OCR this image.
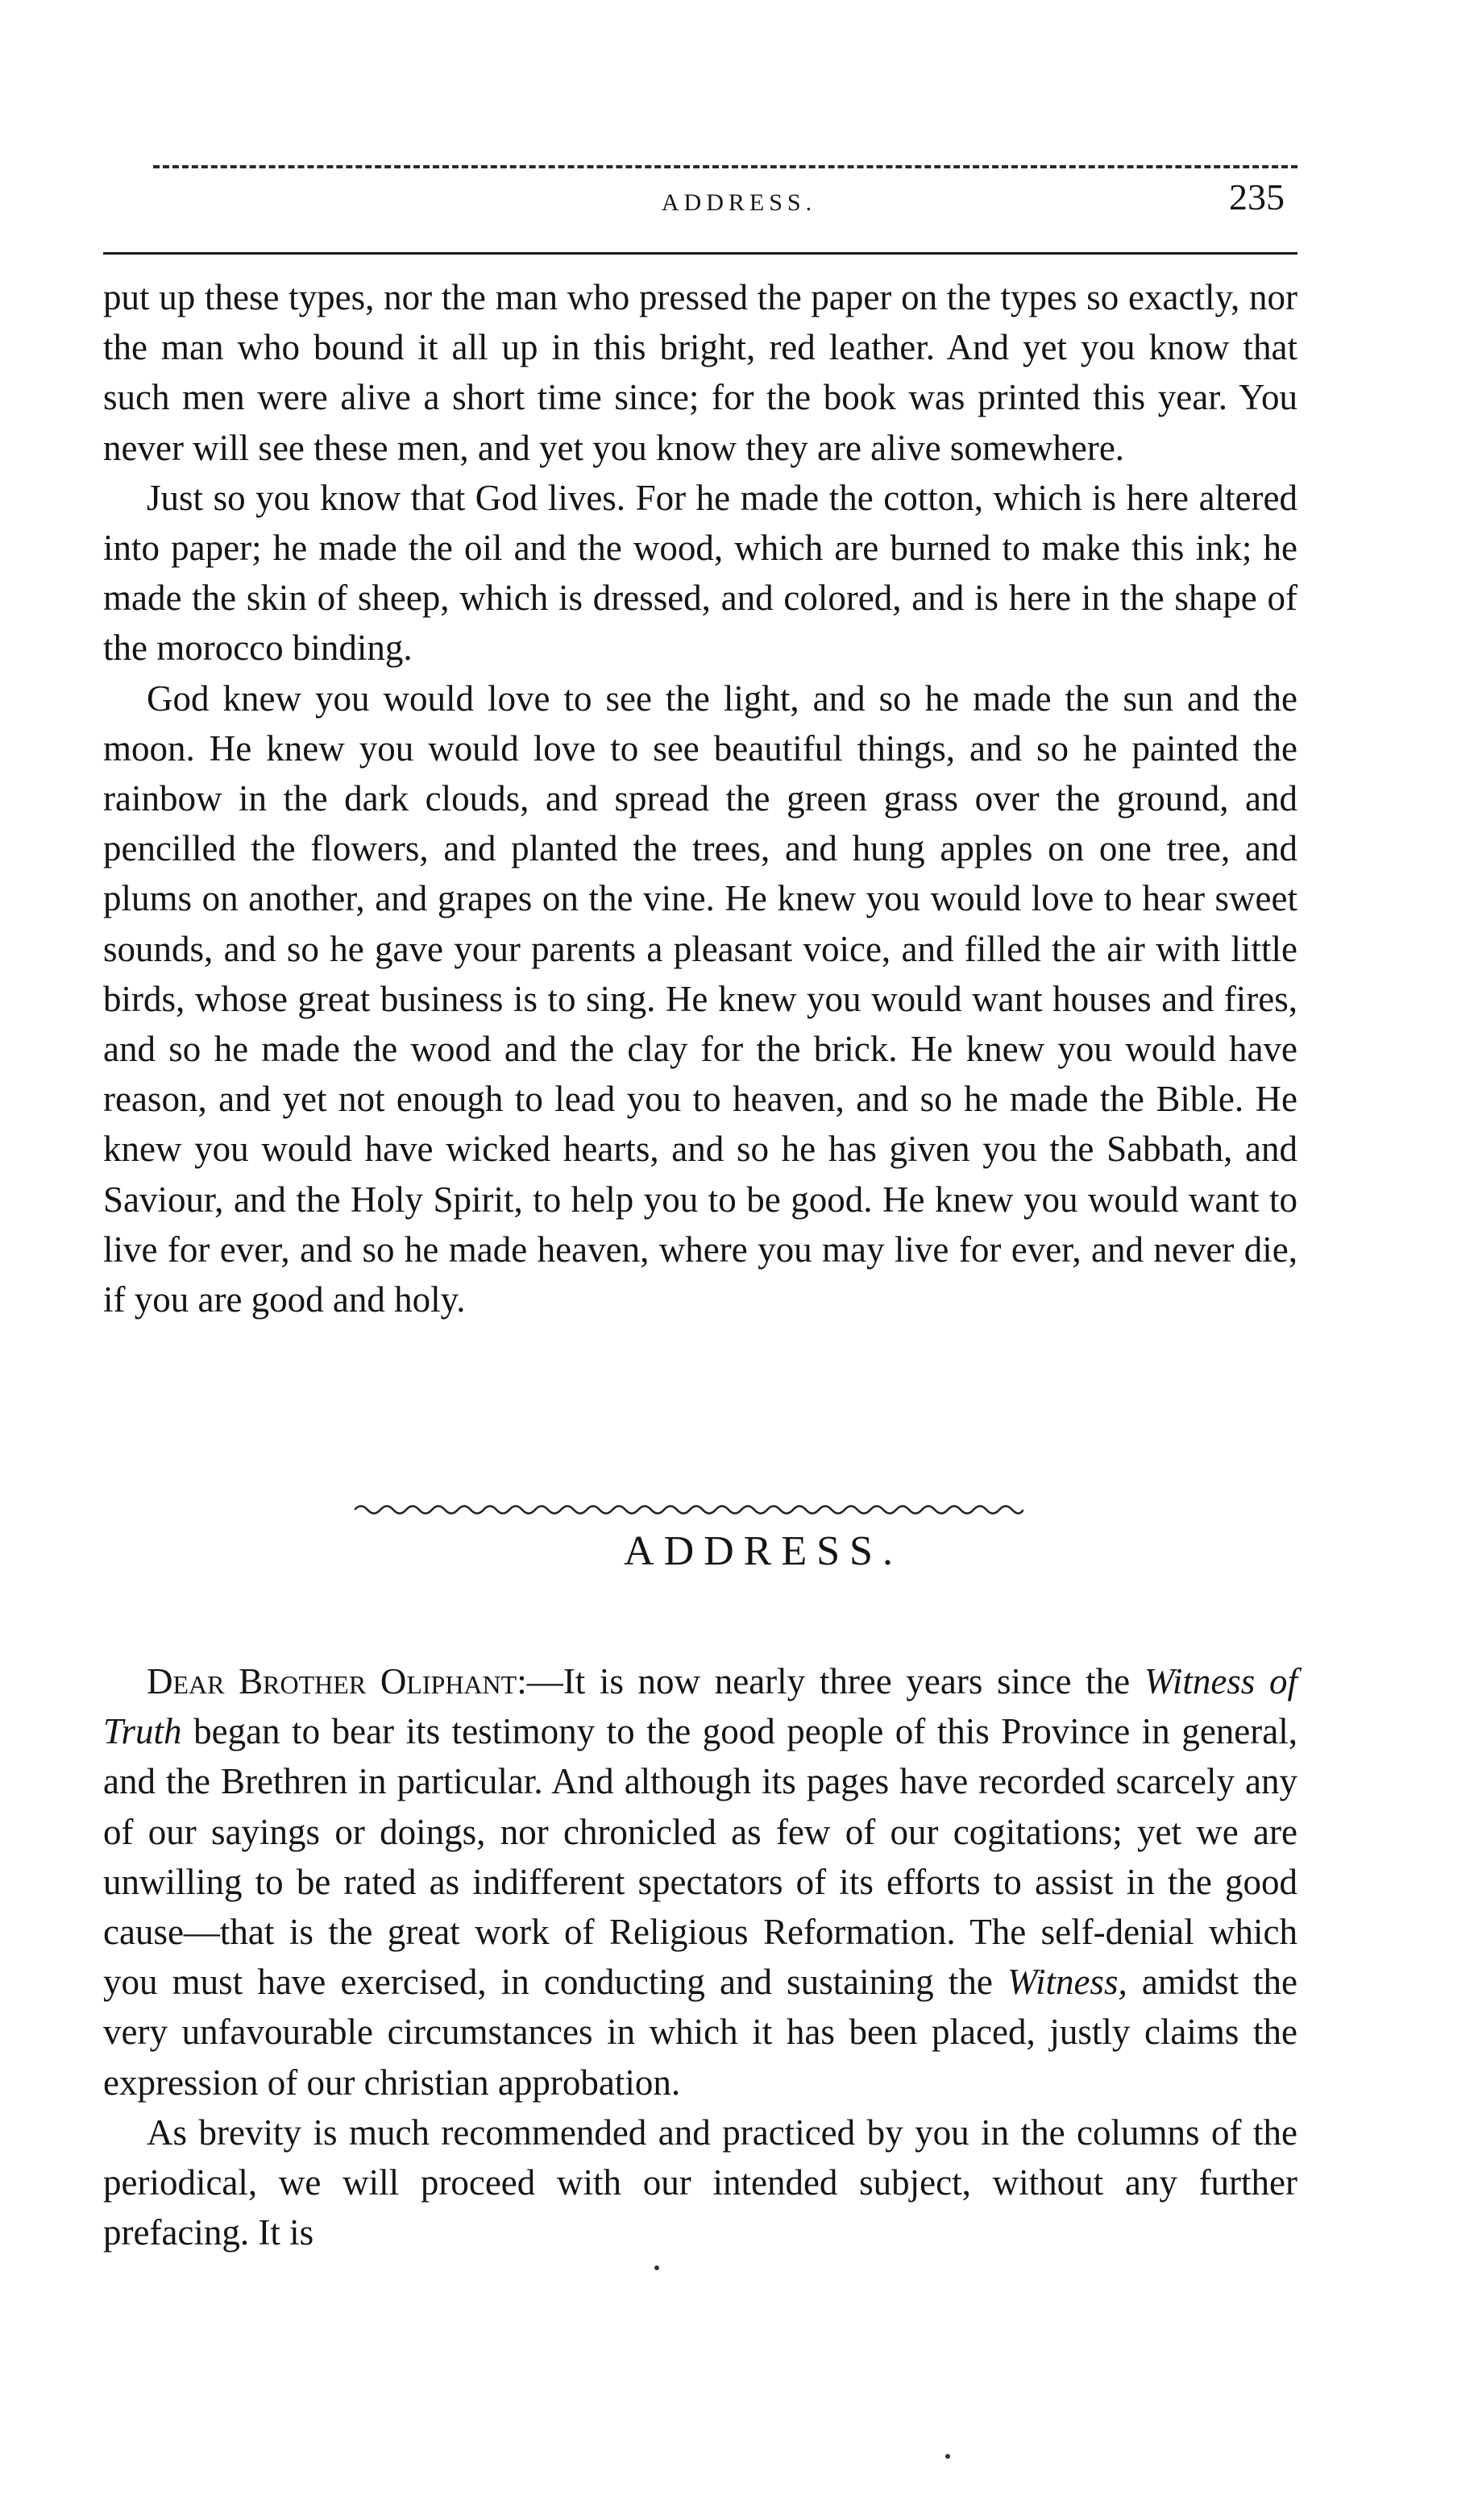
ADDRESS.	235

put up these types, nor the man who pressed the paper on the types so exactly, nor the man who bound it all up in this bright, red leather. And yet you know that such men were alive a short time since; for the book was printed this year. You never will see these men, and yet you know they are alive somewhere.

Just so you know that God lives. For he made the cotton, which is here altered into paper; he made the oil and the wood, which are burned to make this ink; he made the skin of sheep, which is dressed, and colored, and is here in the shape of the morocco binding.

God knew you would love to see the light, and so he made the sun and the moon. He knew you would love to see beautiful things, and so he painted the rainbow in the dark clouds, and spread the green grass over the ground, and pencilled the flowers, and planted the trees, and hung apples on one tree, and plums on another, and grapes on the vine. He knew you would love to hear sweet sounds, and so he gave your parents a pleasant voice, and filled the air with little birds, whose great business is to sing. He knew you would want houses and fires, and so he made the wood and the clay for the brick. He knew you would have reason, and yet not enough to lead you to heaven, and so he made the Bible. He knew you would have wicked hearts, and so he has given you the Sabbath, and Saviour, and the Holy Spirit, to help you to be good. He knew you would want to live for ever, and so he made heaven, where you may live for ever, and never die, if you are good and holy.

ADDRESS.

Dear Brother Oliphant:—It is now nearly three years since the Witness of Truth began to bear its testimony to the good people of this Province in general, and the Brethren in particular. And although its pages have recorded scarcely any of our sayings or doings, nor chronicled as few of our cogitations; yet we are unwilling to be rated as indifferent spectators of its efforts to assist in the good cause—that is the great work of Religious Reformation. The self-denial which you must have exercised, in conducting and sustaining the Witness, amidst the very unfavourable circumstances in which it has been placed, justly claims the expression of our christian approbation.

As brevity is much recommended and practiced by you in the columns of the periodical, we will proceed with our intended subject, without any further prefacing. It is
